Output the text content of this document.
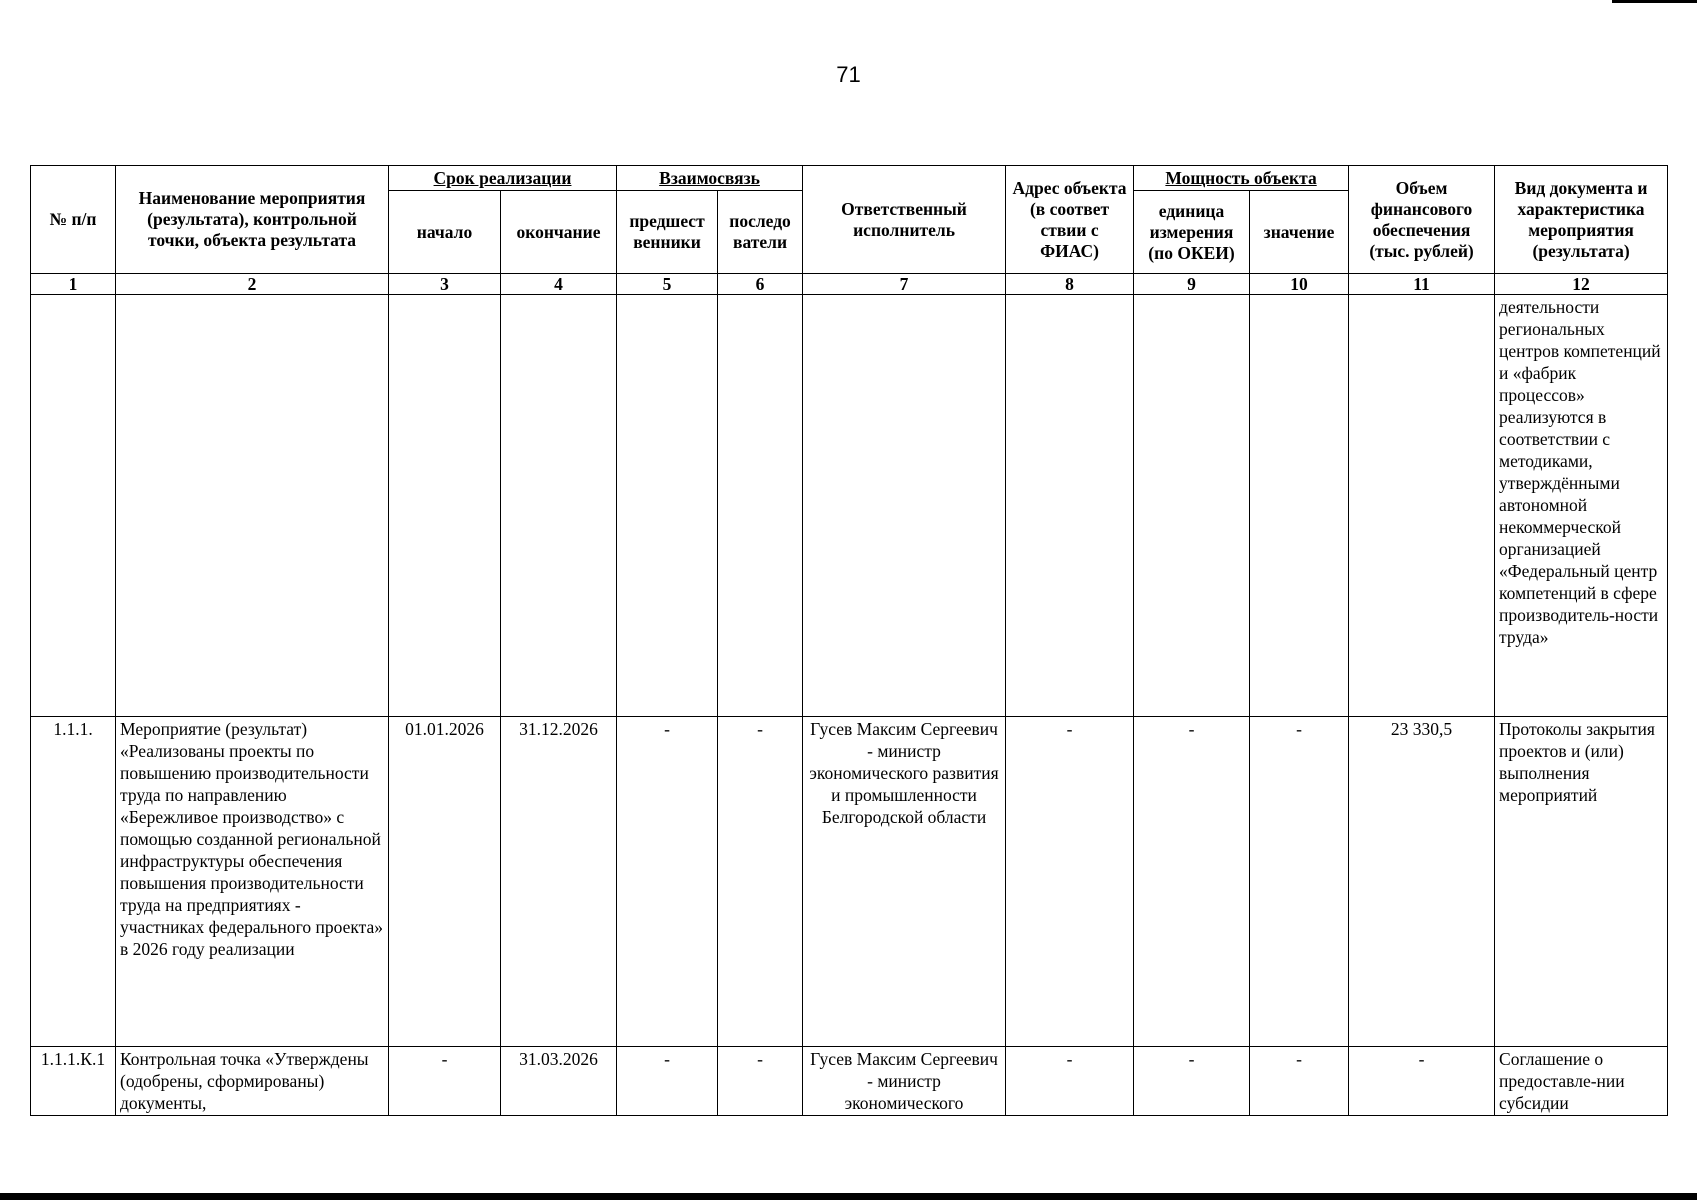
71
№ п/п	Наименование мероприятия (результата), контрольной точки, объекта результата	Срок реализации		Взаимосвязь		Ответственный исполнитель	Адрес объекта (в соответ ствии с ФИАС)	Мощность объекта		Объем финансового обеспечения (тыс. рублей)	Вид документа и характеристика мероприятия (результата)
		начало	окончание	предшест венники	последо ватели			единица измерения (по ОКЕИ)	значение		
1	2	3	4	5	6	7	8	9	10	11	12
											деятельности региональных центров компетенций и «фабрик процессов» реализуются в соответствии с методиками, утверждёнными автономной некоммерческой организацией «Федеральный центр компетенций в сфере производитель-ности труда»
1.1.1.	Мероприятие (результат) «Реализованы проекты по повышению производительности труда по направлению «Бережливое производство» с помощью созданной региональной инфраструктуры обеспечения повышения производительности труда на предприятиях - участниках федерального проекта» в 2026 году реализации	01.01.2026	31.12.2026	-	-	Гусев Максим Сергеевич - министр экономического развития и промышленности Белгородской области	-	-	-	23 330,5	Протоколы закрытия проектов и (или) выполнения мероприятий
1.1.1.К.1	Контрольная точка «Утверждены (одобрены, сформированы) документы,	-	31.03.2026	-	-	Гусев Максим Сергеевич - министр экономического	-	-	-	-	Соглашение о предоставле-нии субсидии
